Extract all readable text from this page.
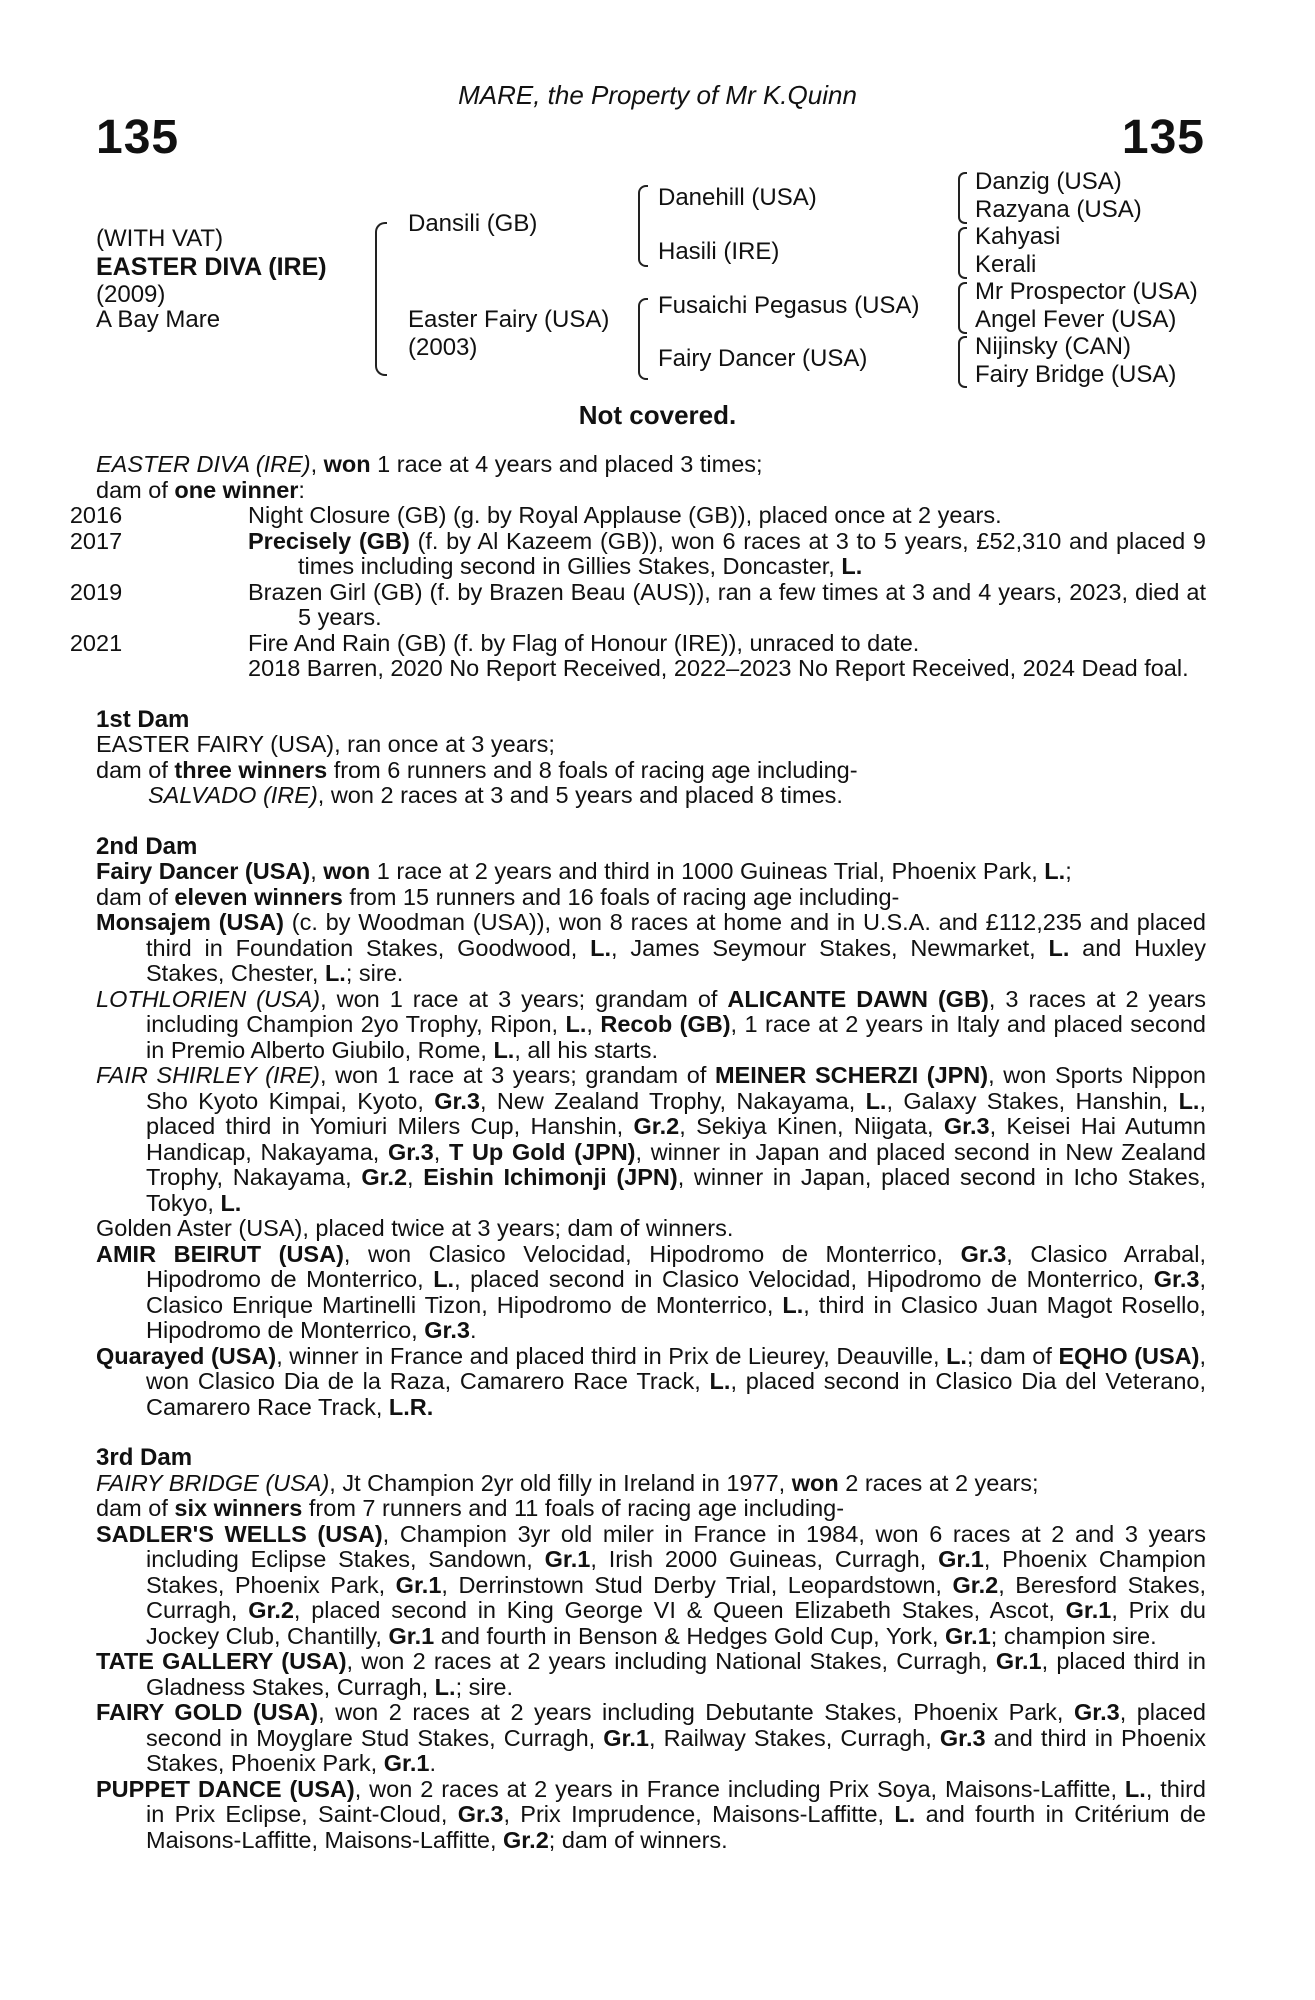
MARE, the Property of Mr K.Quinn
135	135
(WITH VAT)
EASTER DIVA (IRE)
(2009)
A Bay Mare
Dansili (GB)
Easter Fairy (USA)
(2003)
Danehill (USA)
Hasili (IRE)
Fusaichi Pegasus (USA)
Fairy Dancer (USA)
Danzig (USA)
Razyana (USA)
Kahyasi
Kerali
Mr Prospector (USA)
Angel Fever (USA)
Nijinsky (CAN)
Fairy Bridge (USA)
Not covered.

EASTER DIVA (IRE), won 1 race at 4 years and placed 3 times;

dam of one winner:

2016	Night Closure (GB) (g. by Royal Applause (GB)), placed once at 2 years.

2017	Precisely (GB) (f. by Al Kazeem (GB)), won 6 races at 3 to 5 years, £52,310 and placed 9 times including second in Gillies Stakes, Doncaster, L.

2019	Brazen Girl (GB) (f. by Brazen Beau (AUS)), ran a few times at 3 and 4 years, 2023, died at 5 years.

2021	Fire And Rain (GB) (f. by Flag of Honour (IRE)), unraced to date.

2018 Barren, 2020 No Report Received, 2022–2023 No Report Received, 2024 Dead foal.

1st Dam

EASTER FAIRY (USA), ran once at 3 years;

dam of three winners from 6 runners and 8 foals of racing age including-

SALVADO (IRE), won 2 races at 3 and 5 years and placed 8 times.

2nd Dam

Fairy Dancer (USA), won 1 race at 2 years and third in 1000 Guineas Trial, Phoenix Park, L.;

dam of eleven winners from 15 runners and 16 foals of racing age including-

Monsajem (USA) (c. by Woodman (USA)), won 8 races at home and in U.S.A. and £112,235 and placed third in Foundation Stakes, Goodwood, L., James Seymour Stakes, Newmarket, L. and Huxley Stakes, Chester, L.; sire.

LOTHLORIEN (USA), won 1 race at 3 years; grandam of ALICANTE DAWN (GB), 3 races at 2 years including Champion 2yo Trophy, Ripon, L., Recob (GB), 1 race at 2 years in Italy and placed second in Premio Alberto Giubilo, Rome, L., all his starts.

FAIR SHIRLEY (IRE), won 1 race at 3 years; grandam of MEINER SCHERZI (JPN), won Sports Nippon Sho Kyoto Kimpai, Kyoto, Gr.3, New Zealand Trophy, Nakayama, L., Galaxy Stakes, Hanshin, L., placed third in Yomiuri Milers Cup, Hanshin, Gr.2, Sekiya Kinen, Niigata, Gr.3, Keisei Hai Autumn Handicap, Nakayama, Gr.3, T Up Gold (JPN), winner in Japan and placed second in New Zealand Trophy, Nakayama, Gr.2, Eishin Ichimonji (JPN), winner in Japan, placed second in Icho Stakes, Tokyo, L.

Golden Aster (USA), placed twice at 3 years; dam of winners.

AMIR BEIRUT (USA), won Clasico Velocidad, Hipodromo de Monterrico, Gr.3, Clasico Arrabal, Hipodromo de Monterrico, L., placed second in Clasico Velocidad, Hipodromo de Monterrico, Gr.3, Clasico Enrique Martinelli Tizon, Hipodromo de Monterrico, L., third in Clasico Juan Magot Rosello, Hipodromo de Monterrico, Gr.3.

Quarayed (USA), winner in France and placed third in Prix de Lieurey, Deauville, L.; dam of EQHO (USA), won Clasico Dia de la Raza, Camarero Race Track, L., placed second in Clasico Dia del Veterano, Camarero Race Track, L.R.

3rd Dam

FAIRY BRIDGE (USA), Jt Champion 2yr old filly in Ireland in 1977, won 2 races at 2 years;

dam of six winners from 7 runners and 11 foals of racing age including-

SADLER'S WELLS (USA), Champion 3yr old miler in France in 1984, won 6 races at 2 and 3 years including Eclipse Stakes, Sandown, Gr.1, Irish 2000 Guineas, Curragh, Gr.1, Phoenix Champion Stakes, Phoenix Park, Gr.1, Derrinstown Stud Derby Trial, Leopardstown, Gr.2, Beresford Stakes, Curragh, Gr.2, placed second in King George VI & Queen Elizabeth Stakes, Ascot, Gr.1, Prix du Jockey Club, Chantilly, Gr.1 and fourth in Benson & Hedges Gold Cup, York, Gr.1; champion sire.

TATE GALLERY (USA), won 2 races at 2 years including National Stakes, Curragh, Gr.1, placed third in Gladness Stakes, Curragh, L.; sire.

FAIRY GOLD (USA), won 2 races at 2 years including Debutante Stakes, Phoenix Park, Gr.3, placed second in Moyglare Stud Stakes, Curragh, Gr.1, Railway Stakes, Curragh, Gr.3 and third in Phoenix Stakes, Phoenix Park, Gr.1.

PUPPET DANCE (USA), won 2 races at 2 years in France including Prix Soya, Maisons-Laffitte, L., third in Prix Eclipse, Saint-Cloud, Gr.3, Prix Imprudence, Maisons-Laffitte, L. and fourth in Critérium de Maisons-Laffitte, Maisons-Laffitte, Gr.2; dam of winners.
